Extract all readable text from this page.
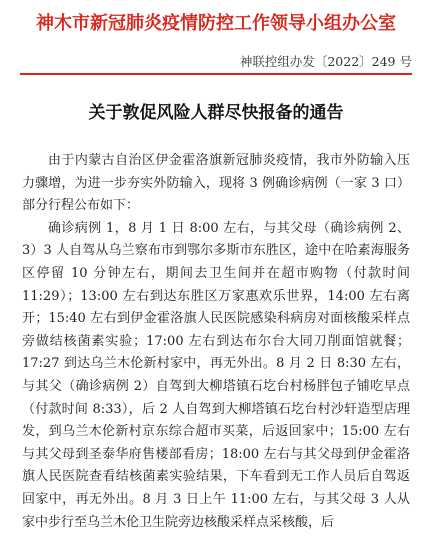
神木市新冠肺炎疫情防控工作领导小组办公室
神联控组办发〔2022〕249 号
关于敦促风险人群尽快报备的通告

由于内蒙古自治区伊金霍洛旗新冠肺炎疫情，我市外防输入压力骤增，为进一步夯实外防输入，现将 3 例确诊病例（一家 3 口）部分行程公布如下：

确诊病例 1，8 月 1 日 8:00 左右，与其父母（确诊病例 2、3）3 人自驾从乌兰察布市到鄂尔多斯市东胜区，途中在哈素海服务区停留 10 分钟左右，期间去卫生间并在超市购物（付款时间 11:29）；13:00 左右到达东胜区万家惠欢乐世界，14:00 左右离开；15:40 左右到伊金霍洛旗人民医院感染科病房对面核酸采样点旁做结核菌素实验；17:00 左右到达布尔台大同刀削面馆就餐；17:27 到达乌兰木伦新村家中，再无外出。8 月 2 日 8:30 左右，与其父（确诊病例 2）自驾到大柳塔镇石圪台村杨胖包子铺吃早点（付款时间 8:33），后 2 人自驾到大柳塔镇石圪台村沙轩造型店理发，到乌兰木伦新村京东综合超市买菜，后返回家中；15:00 左右与其父母到圣泰华府售楼部看房；18:00 左右与其父母到伊金霍洛旗人民医院查看结核菌素实验结果，下车看到无工作人员后自驾返回家中，再无外出。8 月 3 日上午 11:00 左右，与其父母 3 人从家中步行至乌兰木伦卫生院旁边核酸采样点采核酸，后
